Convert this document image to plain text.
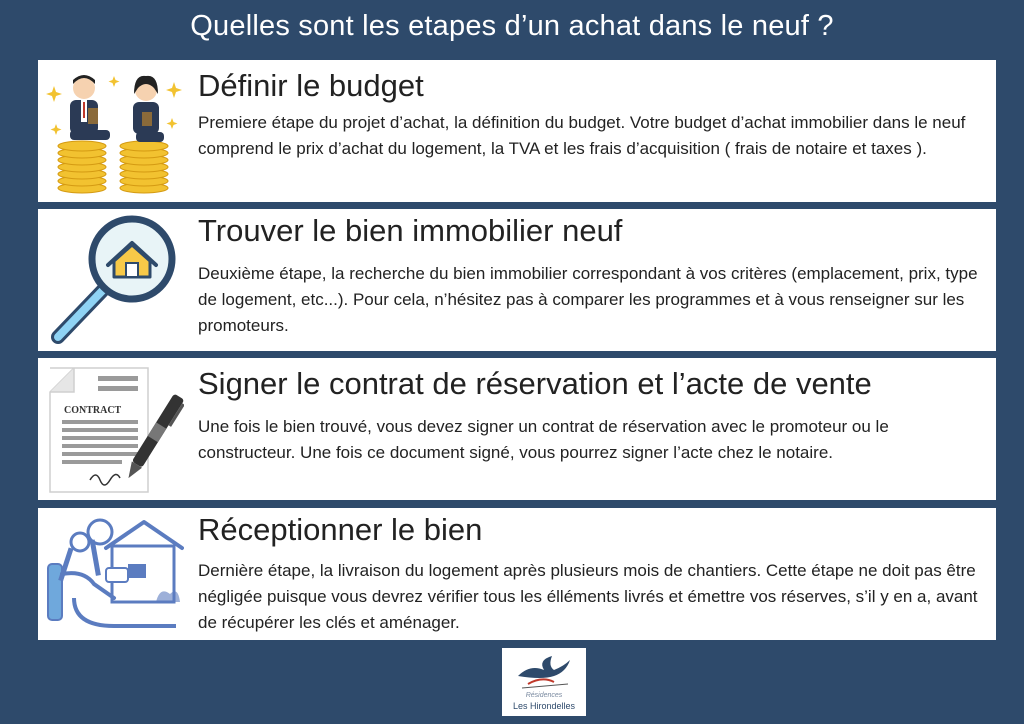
Quelles sont les etapes d’un achat dans le neuf ?
Définir le budget

Premiere étape du projet d’achat, la définition du budget. Votre budget d’achat immobilier dans le neuf comprend le prix d’achat du logement, la TVA et les frais d’acquisition ( frais de notaire et taxes ).

Trouver le bien immobilier neuf

Deuxième étape, la recherche du bien immobilier correspondant à vos critères (emplacement, prix, type de logement, etc...). Pour cela, n’hésitez pas à comparer les programmes et à vous renseigner sur les promoteurs.

CONTRACT
Signer le contrat de réservation et l’acte de vente

Une fois le bien trouvé, vous devez signer un contrat de réservation avec le promoteur ou le constructeur. Une fois ce document signé, vous pourrez signer l’acte chez le notaire.

Réceptionner le bien

Dernière étape, la livraison du logement après plusieurs mois de chantiers. Cette étape ne doit pas être négligée puisque vous devrez vérifier tous les élléments livrés et émettre vos réserves, s’il y en a, avant de récupérer les clés et aménager.

Résidences
Les Hirondelles
